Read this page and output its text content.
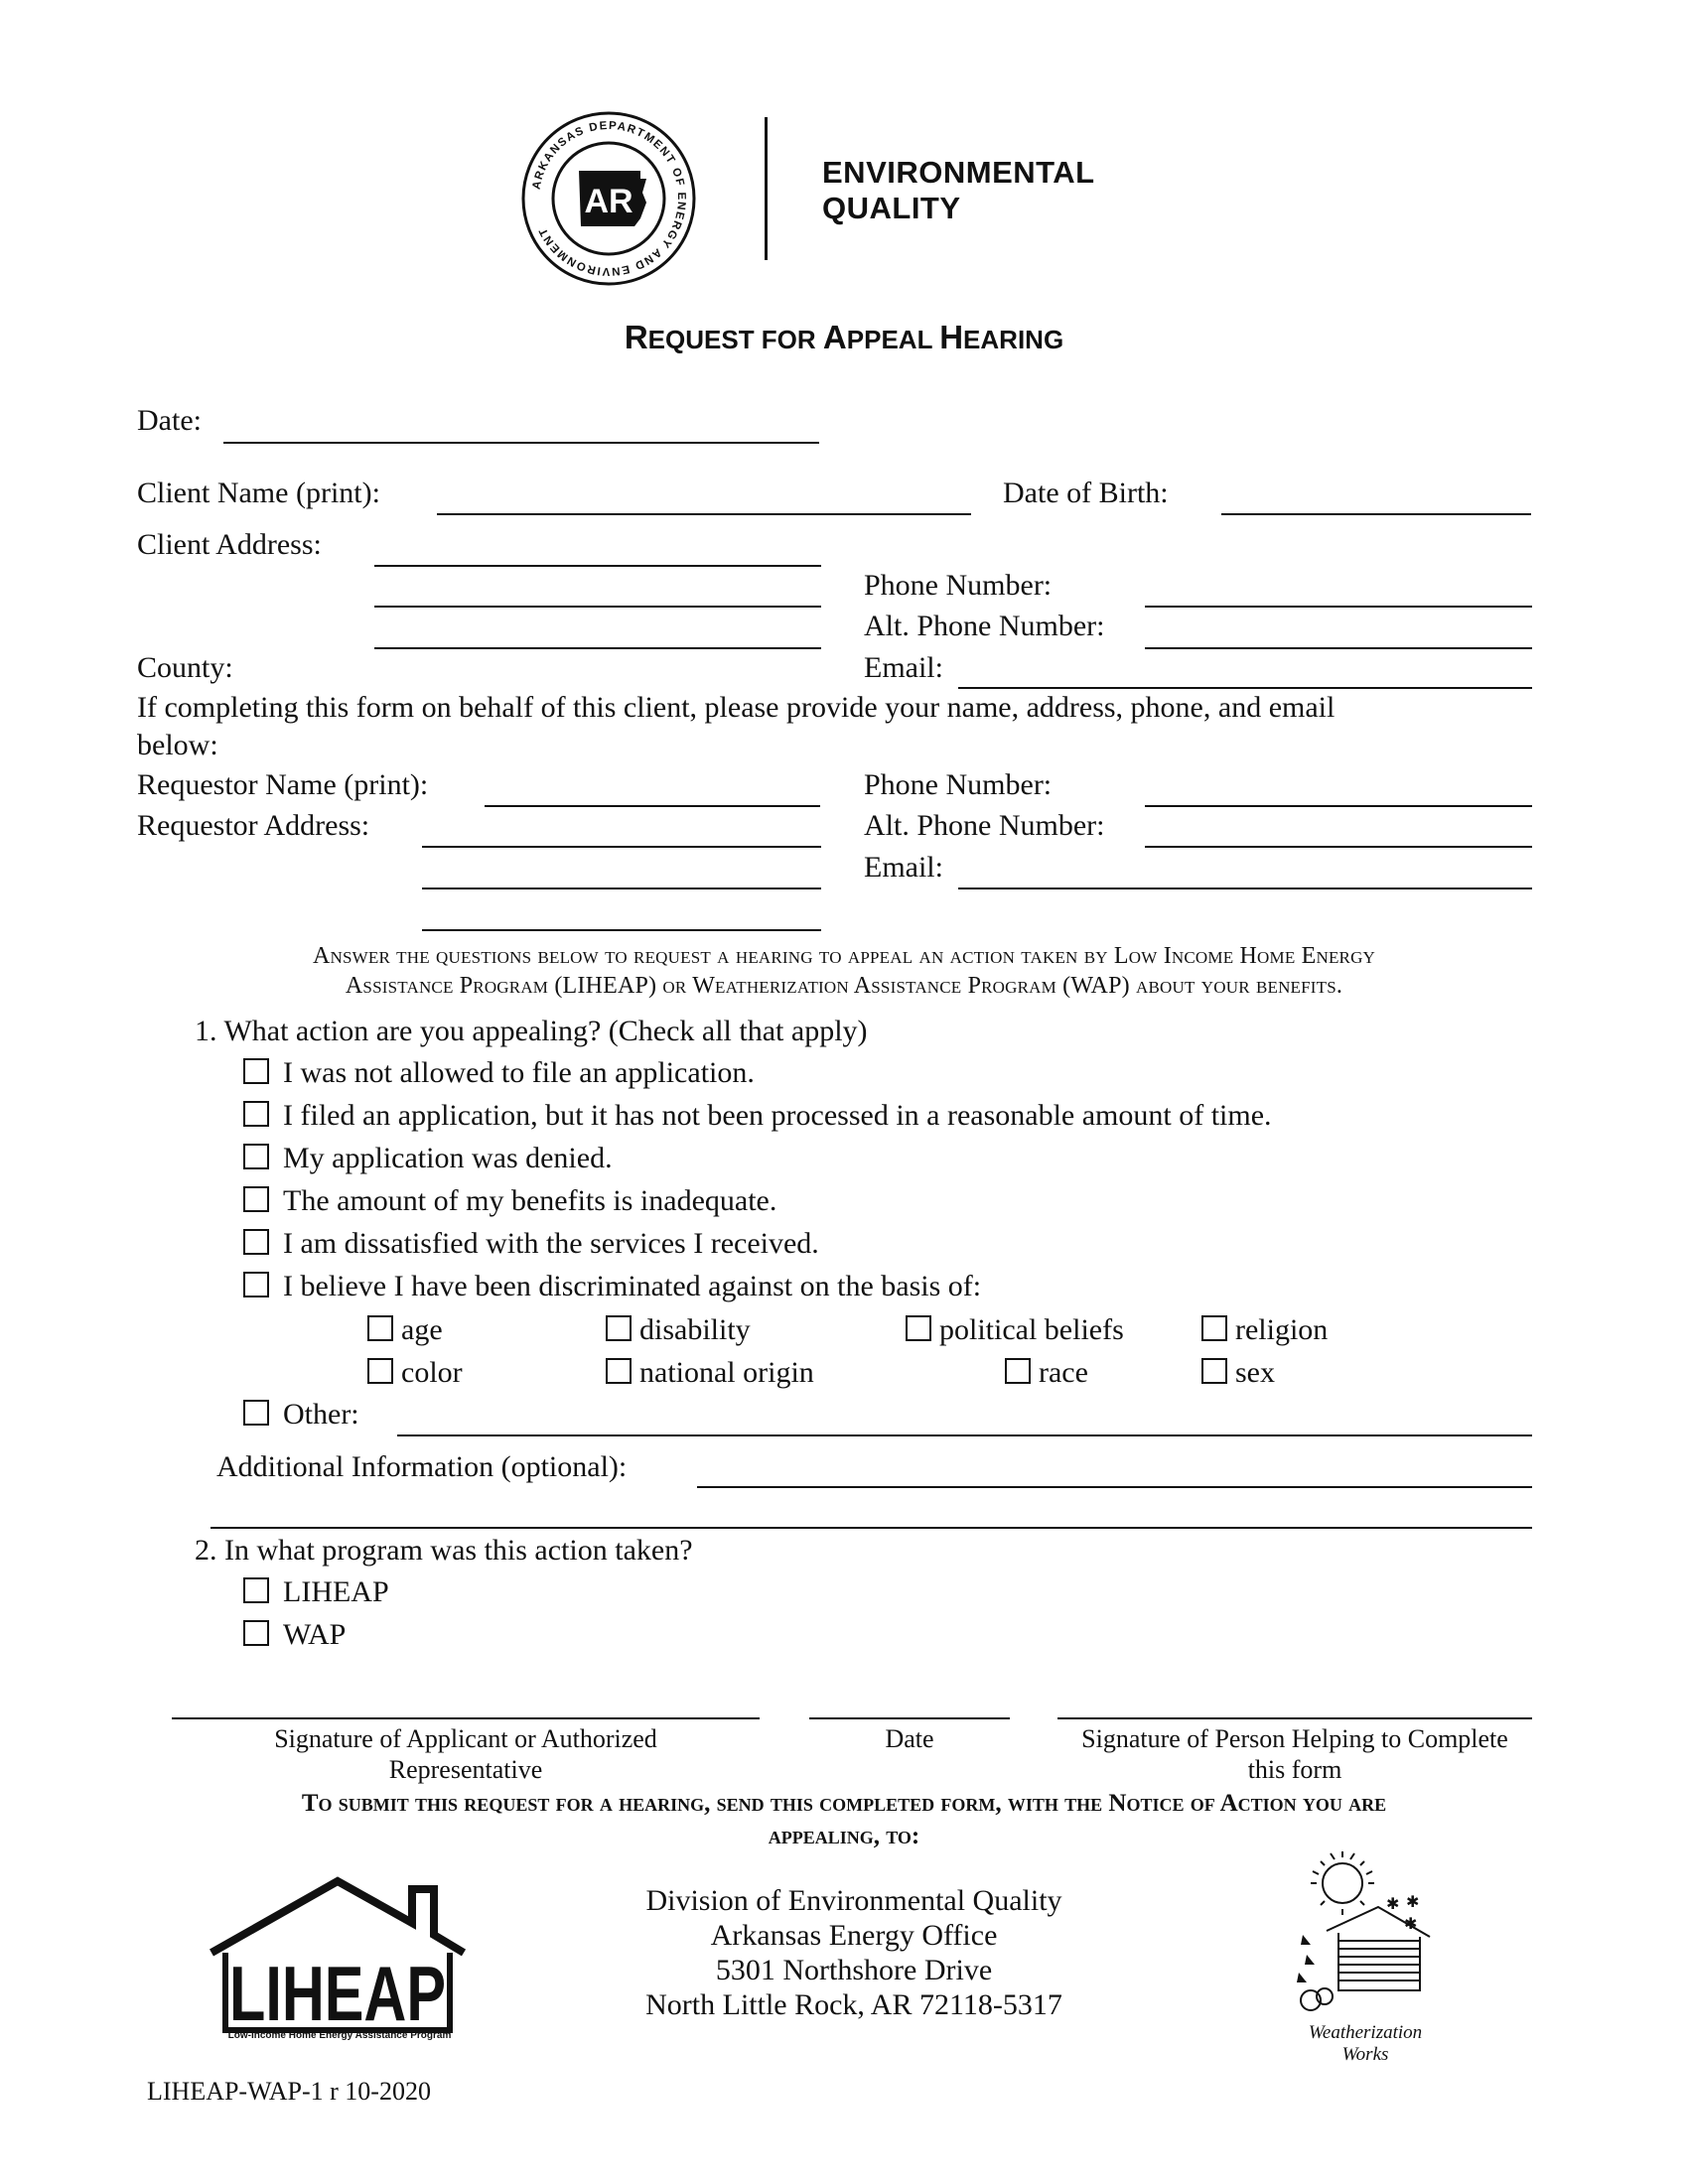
ARKANSAS DEPARTMENT OF ENERGY AND ENVIRONMENT
AR
ENVIRONMENTAL
QUALITY
REQUEST FOR APPEAL HEARING
Date:
Client Name (print):	Date of Birth:
Client Address:
Phone Number:
Alt. Phone Number:
County:	Email:
If completing this form on behalf of this client, please provide your name, address, phone, and email
below:
Requestor Name (print):	Phone Number:
Requestor Address:	Alt. Phone Number:
Email:
Answer the questions below to request a hearing to appeal an action taken by Low Income Home Energy
Assistance Program (LIHEAP) or Weatherization Assistance Program (WAP) about your benefits.
1. What action are you appealing? (Check all that apply)
I was not allowed to file an application.
I filed an application, but it has not been processed in a reasonable amount of time.
My application was denied.
The amount of my benefits is inadequate.
I am dissatisfied with the services I received.
I believe I have been discriminated against on the basis of:
age	disability	political beliefs	religion
color	national origin	race	sex
Other:
Additional Information (optional):
2. In what program was this action taken?
LIHEAP
WAP
Signature of Applicant or Authorized
Representative
Date	Signature of Person Helping to Complete
this form
To submit this request for a hearing, send this completed form, with the Notice of Action you are
appealing, to:
LIHEAP
Low-Income Home Energy Assistance Program
Division of Environmental Quality
Arkansas Energy Office
5301 Northshore Drive
North Little Rock, AR 72118-5317
✱ ✱
✱
Weatherization
Works
LIHEAP-WAP-1 r 10-2020
